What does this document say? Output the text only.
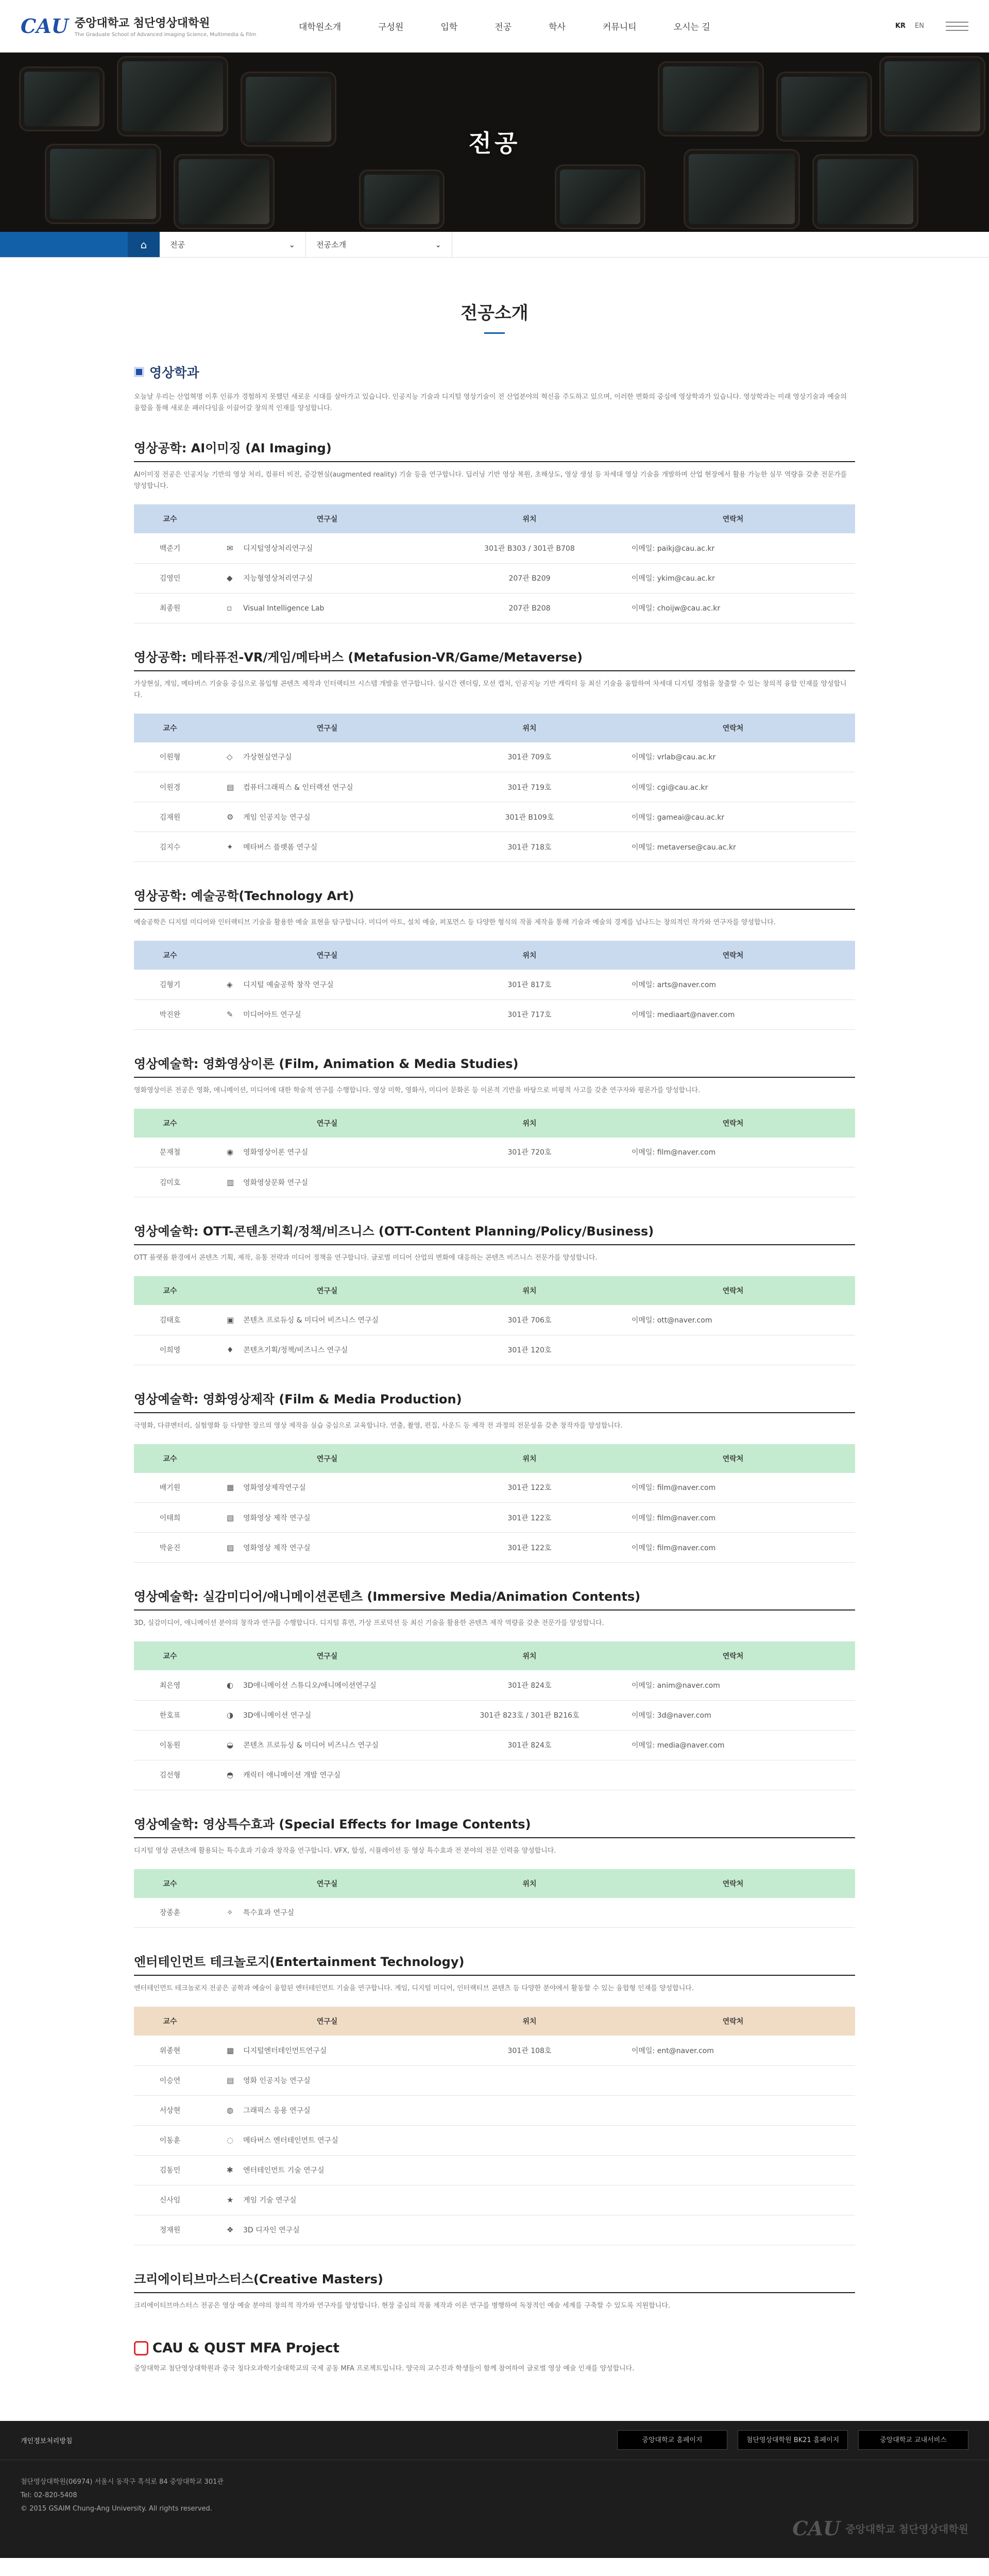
CAU 중앙대학교 첨단영상대학원
The Graduate School of Advanced Imaging Science, Multimedia & Film
대학원소개	구성원	입학	전공	학사	커뮤니티	오시는 길	KR EN
전공
⌂	전공	⌄	전공소개	⌄
전공소개
영상학과

오늘날 우리는 산업혁명 이후 인류가 경험하지 못했던 새로운 시대를 살아가고 있습니다. 인공지능 기술과 디지털 영상기술이 전 산업분야의 혁신을 주도하고 있으며, 이러한 변화의 중심에 영상학과가 있습니다. 영상학과는 미래 영상기술과 예술의 융합을 통해 새로운 패러다임을 이끌어갈 창의적 인재를 양성합니다.

영상공학: AI이미징 (AI Imaging)

AI이미징 전공은 인공지능 기반의 영상 처리, 컴퓨터 비전, 증강현실(augmented reality) 기술 등을 연구합니다. 딥러닝 기반 영상 복원, 초해상도, 영상 생성 등 차세대 영상 기술을 개발하며 산업 현장에서 활용 가능한 실무 역량을 갖춘 전문가를 양성합니다.

교수	연구실	위치	연락처
백준기	✉ 디지털영상처리연구실	301관 B303 / 301관 B708	이메일: paikj@cau.ac.kr
김영민	◆ 지능형영상처리연구실	207관 B209	이메일: ykim@cau.ac.kr
최종원	▫ Visual Intelligence Lab	207관 B208	이메일: choijw@cau.ac.kr
영상공학: 메타퓨전-VR/게임/메타버스 (Metafusion-VR/Game/Metaverse)

가상현실, 게임, 메타버스 기술을 중심으로 몰입형 콘텐츠 제작과 인터랙티브 시스템 개발을 연구합니다. 실시간 렌더링, 모션 캡처, 인공지능 기반 캐릭터 등 최신 기술을 융합하여 차세대 디지털 경험을 창출할 수 있는 창의적 융합 인재를 양성합니다.

교수	연구실	위치	연락처
이원형	◇ 가상현실연구실	301관 709호	이메일: vrlab@cau.ac.kr
이원경	▤ 컴퓨터그래픽스 & 인터랙션 연구실	301관 719호	이메일: cgi@cau.ac.kr
김재원	⚙ 게임 인공지능 연구실	301관 B109호	이메일: gameai@cau.ac.kr
김지수	✦ 메타버스 플랫폼 연구실	301관 718호	이메일: metaverse@cau.ac.kr
영상공학: 예술공학(Technology Art)

예술공학은 디지털 미디어와 인터랙티브 기술을 활용한 예술 표현을 탐구합니다. 미디어 아트, 설치 예술, 퍼포먼스 등 다양한 형식의 작품 제작을 통해 기술과 예술의 경계를 넘나드는 창의적인 작가와 연구자를 양성합니다.

교수	연구실	위치	연락처
김형기	◈ 디지털 예술공학 창작 연구실	301관 817호	이메일: arts@naver.com
박진완	✎ 미디어아트 연구실	301관 717호	이메일: mediaart@naver.com
영상예술학: 영화영상이론 (Film, Animation & Media Studies)

영화영상이론 전공은 영화, 애니메이션, 미디어에 대한 학술적 연구를 수행합니다. 영상 미학, 영화사, 미디어 문화론 등 이론적 기반을 바탕으로 비평적 사고를 갖춘 연구자와 평론가를 양성합니다.

교수	연구실	위치	연락처
문재철	◉ 영화영상이론 연구실	301관 720호	이메일: film@naver.com
김미호	▥ 영화영상문화 연구실		
영상예술학: OTT-콘텐츠기획/정책/비즈니스 (OTT-Content Planning/Policy/Business)

OTT 플랫폼 환경에서 콘텐츠 기획, 제작, 유통 전략과 미디어 정책을 연구합니다. 글로벌 미디어 산업의 변화에 대응하는 콘텐츠 비즈니스 전문가를 양성합니다.

교수	연구실	위치	연락처
김태호	▣ 콘텐츠 프로듀싱 & 미디어 비즈니스 연구실	301관 706호	이메일: ott@naver.com
이희영	♦ 콘텐츠기획/정책/비즈니스 연구실	301관 120호	
영상예술학: 영화영상제작 (Film & Media Production)

극영화, 다큐멘터리, 실험영화 등 다양한 장르의 영상 제작을 실습 중심으로 교육합니다. 연출, 촬영, 편집, 사운드 등 제작 전 과정의 전문성을 갖춘 창작자를 양성합니다.

교수	연구실	위치	연락처
배기원	▦ 영화영상제작연구실	301관 122호	이메일: film@naver.com
이태희	▧ 영화영상 제작 연구실	301관 122호	이메일: film@naver.com
박윤진	▨ 영화영상 제작 연구실	301관 122호	이메일: film@naver.com
영상예술학: 실감미디어/애니메이션콘텐츠 (Immersive Media/Animation Contents)

3D, 실감미디어, 애니메이션 분야의 창작과 연구를 수행합니다. 디지털 휴먼, 가상 프로덕션 등 최신 기술을 활용한 콘텐츠 제작 역량을 갖춘 전문가를 양성합니다.

교수	연구실	위치	연락처
최은영	◐ 3D애니메이션 스튜디오/애니메이션연구실	301관 824호	이메일: anim@naver.com
한호표	◑ 3D애니메이션 연구실	301관 823호 / 301관 B216호	이메일: 3d@naver.com
이동원	◒ 콘텐츠 프로듀싱 & 미디어 비즈니스 연구실	301관 824호	이메일: media@naver.com
김선형	◓ 캐릭터 애니메이션 개발 연구실		
영상예술학: 영상특수효과 (Special Effects for Image Contents)

디지털 영상 콘텐츠에 활용되는 특수효과 기술과 창작을 연구합니다. VFX, 합성, 시뮬레이션 등 영상 특수효과 전 분야의 전문 인력을 양성합니다.

교수	연구실	위치	연락처
장종훈	✧ 특수효과 연구실		
엔터테인먼트 테크놀로지(Entertainment Technology)

엔터테인먼트 테크놀로지 전공은 공학과 예술이 융합된 엔터테인먼트 기술을 연구합니다. 게임, 디지털 미디어, 인터랙티브 콘텐츠 등 다양한 분야에서 활동할 수 있는 융합형 인재를 양성합니다.

교수	연구실	위치	연락처
위종현	▩ 디지털엔터테인먼트연구실	301관 108호	이메일: ent@naver.com
이승연	▤ 영화 인공지능 연구실		
서상현	◍ 그래픽스 응용 연구실		
이동훈	◌ 메타버스 엔터테인먼트 연구실		
김동민	✱ 엔터테인먼트 기술 연구실		
신사임	★ 게임 기술 연구실		
정재원	❖ 3D 디자인 연구실		
크리에이티브마스터스(Creative Masters)

크리에이티브마스터스 전공은 영상 예술 분야의 창의적 작가와 연구자를 양성합니다. 현장 중심의 작품 제작과 이론 연구를 병행하여 독창적인 예술 세계를 구축할 수 있도록 지원합니다.

CAU & QUST MFA Project

중앙대학교 첨단영상대학원과 중국 칭다오과학기술대학교의 국제 공동 MFA 프로젝트입니다. 양국의 교수진과 학생들이 함께 참여하여 글로벌 영상 예술 인재를 양성합니다.

개인정보처리방침	중앙대학교 홈페이지	첨단영상대학원 BK21 홈페이지	중앙대학교 교내서비스

첨단영상대학원(06974) 서울시 동작구 흑석로 84 중앙대학교 301관

Tel: 02-820-5408

© 2015 GSAIM Chung-Ang University. All rights reserved.

CAU 중앙대학교 첨단영상대학원
